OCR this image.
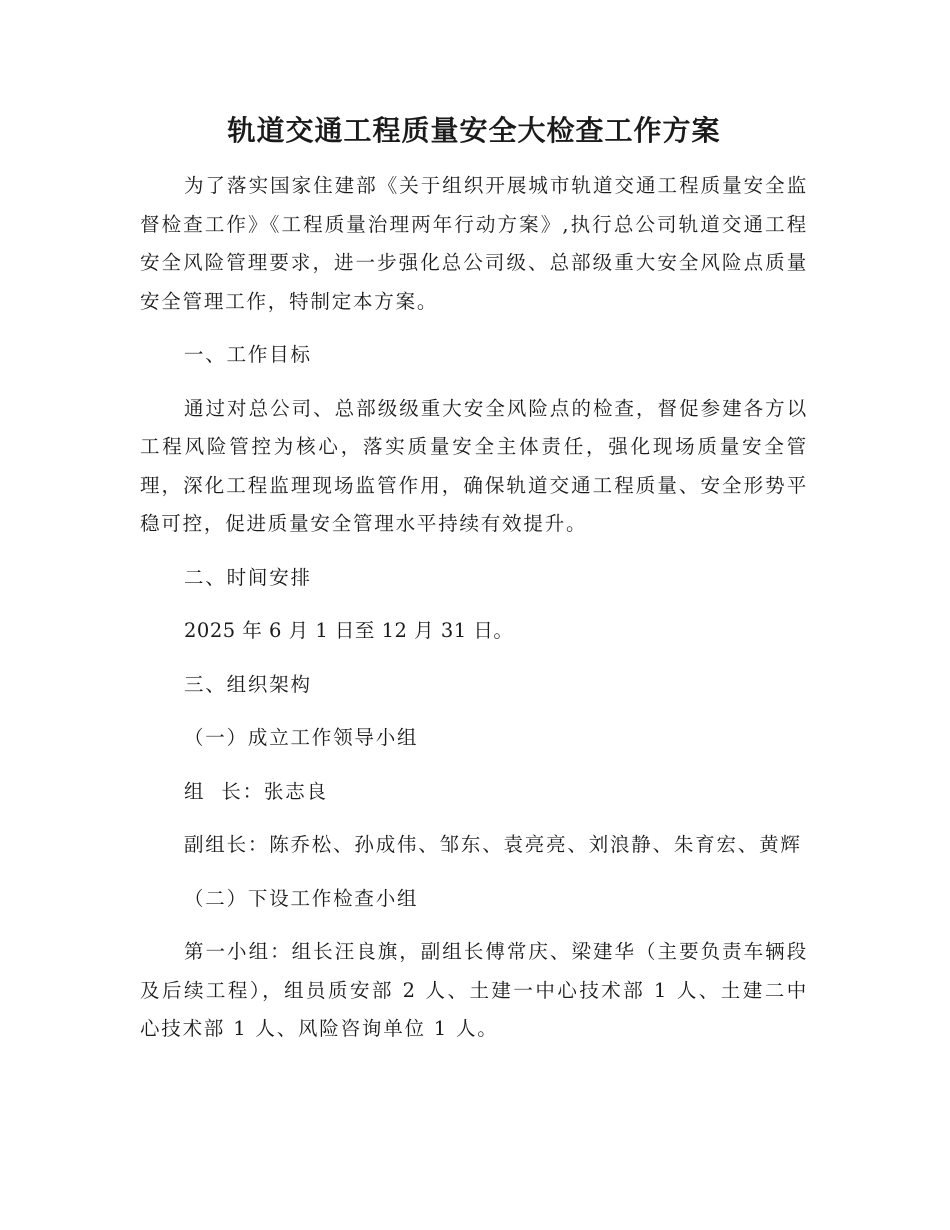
轨道交通工程质量安全大检查工作方案

为了落实国家住建部《关于组织开展城市轨道交通工程质量安全监督检查工作》《工程质量治理两年行动方案》,执行总公司轨道交通工程安全风险管理要求，进一步强化总公司级、总部级重大安全风险点质量安全管理工作，特制定本方案。

一、工作目标

通过对总公司、总部级级重大安全风险点的检查，督促参建各方以工程风险管控为核心，落实质量安全主体责任，强化现场质量安全管理，深化工程监理现场监管作用，确保轨道交通工程质量、安全形势平稳可控，促进质量安全管理水平持续有效提升。

二、时间安排

2025 年 6 月 1 日至 12 月 31 日。

三、组织架构

（一）成立工作领导小组

组  长：张志良

副组长：陈乔松、孙成伟、邹东、袁亮亮、刘浪静、朱育宏、黄辉

（二）下设工作检查小组

第一小组：组长汪良旗，副组长傅常庆、梁建华（主要负责车辆段及后续工程），组员质安部 2 人、土建一中心技术部 1 人、土建二中心技术部 1 人、风险咨询单位 1 人。
